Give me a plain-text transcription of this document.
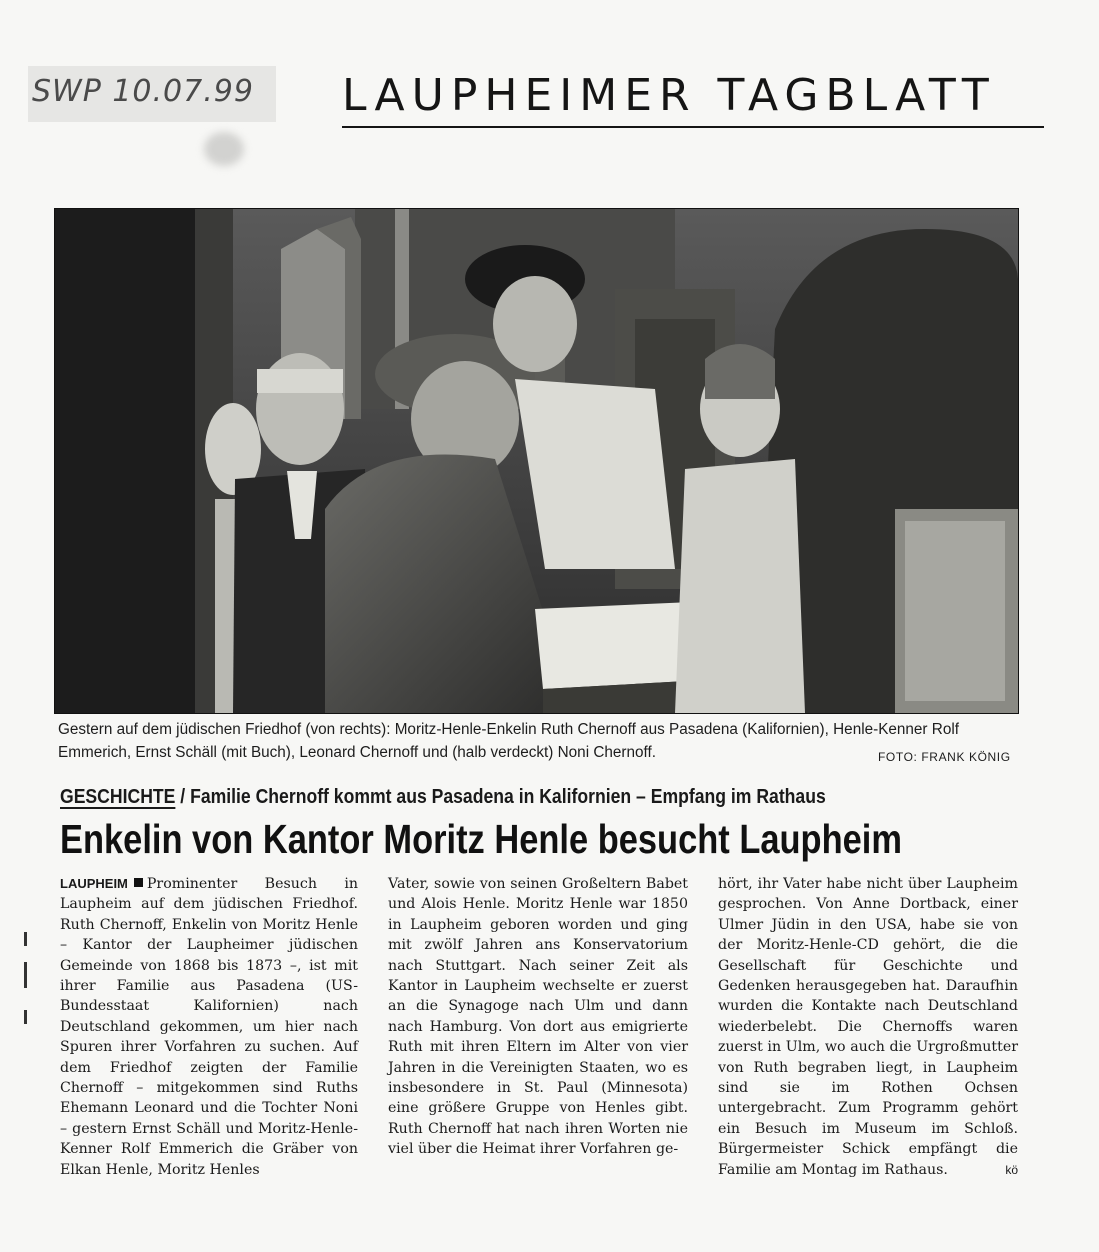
SWP 10.07.99	LAUPHEIMER TAGBLATT
Gestern auf dem jüdischen Friedhof (von rechts): Moritz-Henle-Enkelin Ruth Chernoff aus Pasadena (Kalifornien), Henle-Kenner Rolf Emmerich, Ernst Schäll (mit Buch), Leonard Chernoff und (halb verdeckt) Noni Chernoff.	FOTO: FRANK KÖNIG
GESCHICHTE / Familie Chernoff kommt aus Pasadena in Kalifornien – Empfang im Rathaus
Enkelin von Kantor Moritz Henle besucht Laupheim
LAUPHEIM Prominenter Besuch in Laupheim auf dem jüdischen Friedhof. Ruth Chernoff, Enkelin von Moritz Henle – Kantor der Laupheimer jüdischen Gemeinde von 1868 bis 1873 –, ist mit ihrer Familie aus Pasadena (US-Bundesstaat Kalifornien) nach Deutschland gekommen, um hier nach Spuren ihrer Vorfahren zu suchen. Auf dem Friedhof zeigten der Familie Chernoff – mitgekommen sind Ruths Ehemann Leonard und die Tochter Noni – gestern Ernst Schäll und Moritz-Henle-Kenner Rolf Emmerich die Gräber von Elkan Henle, Moritz Henles
Vater, sowie von seinen Großeltern Babet und Alois Henle. Moritz Henle war 1850 in Laupheim geboren worden und ging mit zwölf Jahren ans Konservatorium nach Stuttgart. Nach seiner Zeit als Kantor in Laupheim wechselte er zuerst an die Synagoge nach Ulm und dann nach Hamburg. Von dort aus emigrierte Ruth mit ihren Eltern im Alter von vier Jahren in die Vereinigten Staaten, wo es insbesondere in St. Paul (Minnesota) eine größere Gruppe von Henles gibt. Ruth Chernoff hat nach ihren Worten nie viel über die Heimat ihrer Vorfahren ge-
hört, ihr Vater habe nicht über Laupheim gesprochen. Von Anne Dortback, einer Ulmer Jüdin in den USA, habe sie von der Moritz-Henle-CD gehört, die die Gesellschaft für Geschichte und Gedenken herausgegeben hat. Daraufhin wurden die Kontakte nach Deutschland wiederbelebt. Die Chernoffs waren zuerst in Ulm, wo auch die Urgroßmutter von Ruth begraben liegt, in Laupheim sind sie im Rothen Ochsen untergebracht. Zum Programm gehört ein Besuch im Museum im Schloß. Bürgermeister Schick empfängt die Familie am Montag im Rathaus.	kö
